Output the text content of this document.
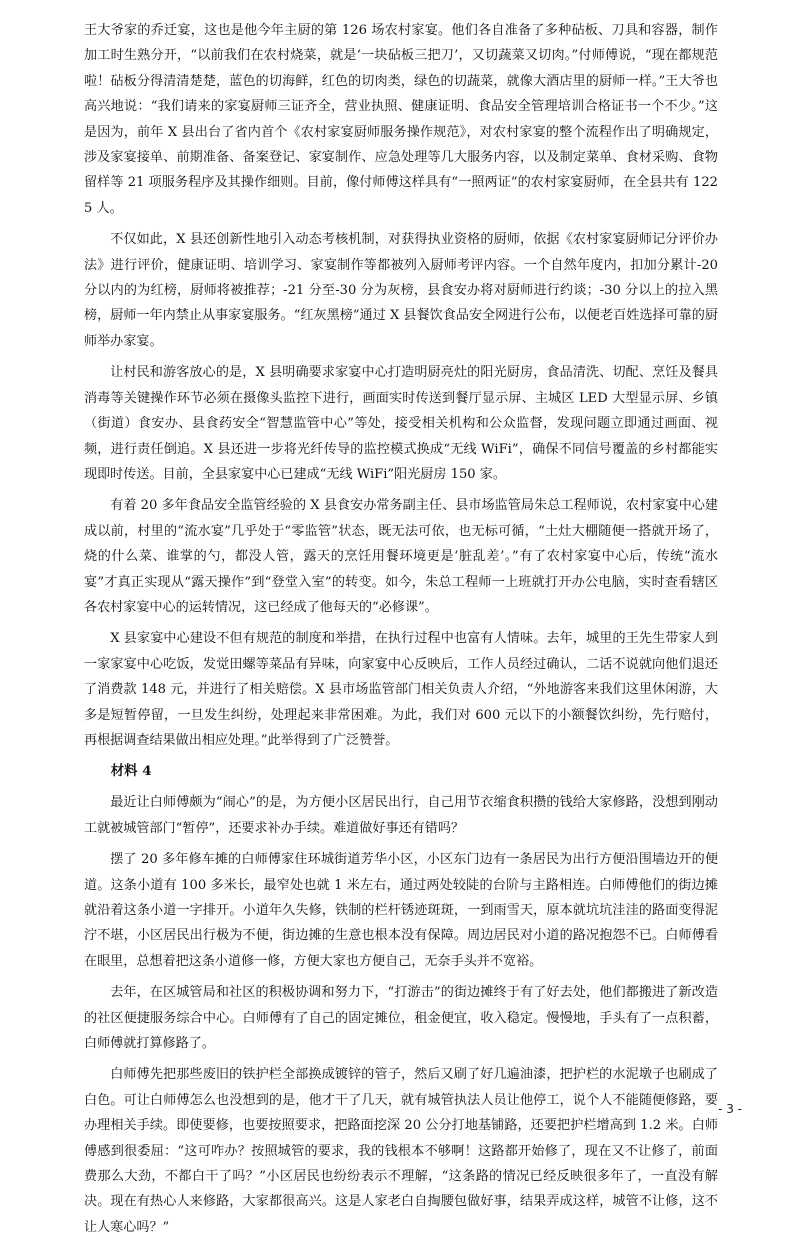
王大爷家的乔迁宴，这也是他今年主厨的第 126 场农村家宴。他们各自准备了多种砧板、刀具和容器，制作加工时生熟分开，“以前我们在农村烧菜，就是‘一块砧板三把刀’，又切蔬菜又切肉。”付师傅说，“现在都规范啦！砧板分得清清楚楚，蓝色的切海鲜，红色的切肉类，绿色的切蔬菜，就像大酒店里的厨师一样。”王大爷也高兴地说：“我们请来的家宴厨师三证齐全，营业执照、健康证明、食品安全管理培训合格证书一个不少。”这是因为，前年 X 县出台了省内首个《农村家宴厨师服务操作规范》，对农村家宴的整个流程作出了明确规定，涉及家宴接单、前期准备、备案登记、家宴制作、应急处理等几大服务内容，以及制定菜单、食材采购、食物留样等 21 项服务程序及其操作细则。目前，像付师傅这样具有“一照两证”的农村家宴厨师，在全县共有 1225 人。

不仅如此，X 县还创新性地引入动态考核机制，对获得执业资格的厨师，依据《农村家宴厨师记分评价办法》进行评价，健康证明、培训学习、家宴制作等都被列入厨师考评内容。一个自然年度内，扣加分累计-20 分以内的为红榜，厨师将被推荐；-21 分至-30 分为灰榜，县食安办将对厨师进行约谈；-30 分以上的拉入黑榜，厨师一年内禁止从事家宴服务。“红灰黑榜”通过 X 县餐饮食品安全网进行公布，以便老百姓选择可靠的厨师举办家宴。

让村民和游客放心的是，X 县明确要求家宴中心打造明厨亮灶的阳光厨房，食品清洗、切配、烹饪及餐具消毒等关键操作环节必须在摄像头监控下进行，画面实时传送到餐厅显示屏、主城区 LED 大型显示屏、乡镇（街道）食安办、县食药安全“智慧监管中心”等处，接受相关机构和公众监督，发现问题立即通过画面、视频，进行责任倒追。X 县还进一步将光纤传导的监控模式换成“无线 WiFi”，确保不同信号覆盖的乡村都能实现即时传送。目前，全县家宴中心已建成“无线 WiFi”阳光厨房 150 家。

有着 20 多年食品安全监管经验的 X 县食安办常务副主任、县市场监管局朱总工程师说，农村家宴中心建成以前，村里的“流水宴”几乎处于“零监管”状态，既无法可依，也无标可循，“土灶大棚随便一搭就开场了，烧的什么菜、谁掌的勺，都没人管，露天的烹饪用餐环境更是‘脏乱差’。”有了农村家宴中心后，传统“流水宴”才真正实现从“露天操作”到“登堂入室”的转变。如今，朱总工程师一上班就打开办公电脑，实时查看辖区各农村家宴中心的运转情况，这已经成了他每天的“必修课”。

X 县家宴中心建设不但有规范的制度和举措，在执行过程中也富有人情味。去年，城里的王先生带家人到一家家宴中心吃饭，发觉田螺等菜品有异味，向家宴中心反映后，工作人员经过确认，二话不说就向他们退还了消费款 148 元，并进行了相关赔偿。X 县市场监管部门相关负责人介绍，“外地游客来我们这里休闲游，大多是短暂停留，一旦发生纠纷，处理起来非常困难。为此，我们对 600 元以下的小额餐饮纠纷，先行赔付，再根据调查结果做出相应处理。”此举得到了广泛赞誉。

材料 4

最近让白师傅颇为“闹心”的是，为方便小区居民出行，自己用节衣缩食积攒的钱给大家修路，没想到刚动工就被城管部门“暂停”，还要求补办手续。难道做好事还有错吗？

摆了 20 多年修车摊的白师傅家住环城街道芳华小区，小区东门边有一条居民为出行方便沿围墙边开的便道。这条小道有 100 多米长，最窄处也就 1 米左右，通过两处较陡的台阶与主路相连。白师傅他们的街边摊就沿着这条小道一字排开。小道年久失修，铁制的栏杆锈迹斑斑，一到雨雪天，原本就坑坑洼洼的路面变得泥泞不堪，小区居民出行极为不便，街边摊的生意也根本没有保障。周边居民对小道的路况抱怨不已。白师傅看在眼里，总想着把这条小道修一修，方便大家也方便自己，无奈手头并不宽裕。

去年，在区城管局和社区的积极协调和努力下，“打游击”的街边摊终于有了好去处，他们都搬进了新改造的社区便捷服务综合中心。白师傅有了自己的固定摊位，租金便宜，收入稳定。慢慢地，手头有了一点积蓄，白师傅就打算修路了。

白师傅先把那些废旧的铁护栏全部换成镀锌的管子，然后又刷了好几遍油漆，把护栏的水泥墩子也刷成了白色。可让白师傅怎么也没想到的是，他才干了几天，就有城管执法人员让他停工，说个人不能随便修路，要办理相关手续。即使要修，也要按照要求，把路面挖深 20 公分打地基铺路，还要把护栏增高到 1.2 米。白师傅感到很委屈：“这可咋办？按照城管的要求，我的钱根本不够啊！这路都开始修了，现在又不让修了，前面费那么大劲，不都白干了吗？”小区居民也纷纷表示不理解，“这条路的情况已经反映很多年了，一直没有解决。现在有热心人来修路，大家都很高兴。这是人家老白自掏腰包做好事，结果弄成这样，城管不让修，这不让人寒心吗？”

- 3 -
